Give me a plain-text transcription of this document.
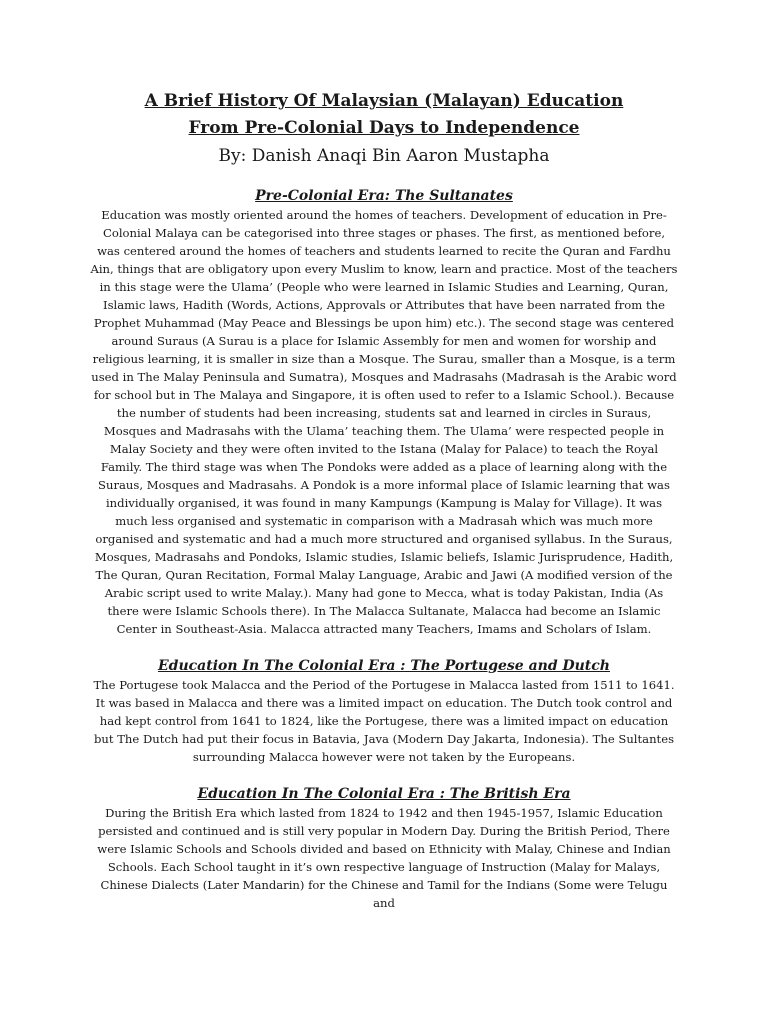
A Brief History Of Malaysian (Malayan) Education
From Pre-Colonial Days to Independence

By: Danish Anaqi Bin Aaron Mustapha

Pre-Colonial Era: The Sultanates

Education was mostly oriented around the homes of teachers. Development of education in Pre-Colonial Malaya can be categorised into three stages or phases. The first, as mentioned before, was centered around the homes of teachers and students learned to recite the Quran and Fardhu Ain, things that are obligatory upon every Muslim to know, learn and practice. Most of the teachers in this stage were the Ulama’ (People who were learned in Islamic Studies and Learning, Quran, Islamic laws, Hadith (Words, Actions, Approvals or Attributes that have been narrated from the Prophet Muhammad (May Peace and Blessings be upon him) etc.). The second stage was centered around Suraus (A Surau is a place for Islamic Assembly for men and women for worship and religious learning, it is smaller in size than a Mosque. The Surau, smaller than a Mosque, is a term used in The Malay Peninsula and Sumatra), Mosques and Madrasahs (Madrasah is the Arabic word for school but in The Malaya and Singapore, it is often used to refer to a Islamic School.). Because the number of students had been increasing, students sat and learned in circles in Suraus, Mosques and Madrasahs with the Ulama’ teaching them. The Ulama’ were respected people in Malay Society and they were often invited to the Istana (Malay for Palace) to teach the Royal Family. The third stage was when The Pondoks were added as a place of learning along with the Suraus, Mosques and Madrasahs. A Pondok is a more informal place of Islamic learning that was individually organised, it was found in many Kampungs (Kampung is Malay for Village). It was much less organised and systematic in comparison with a Madrasah which was much more organised and systematic and had a much more structured and organised syllabus. In the Suraus, Mosques, Madrasahs and Pondoks, Islamic studies, Islamic beliefs, Islamic Jurisprudence, Hadith, The Quran, Quran Recitation, Formal Malay Language, Arabic and Jawi (A modified version of the Arabic script used to write Malay.). Many had gone to Mecca, what is today Pakistan, India (As there were Islamic Schools there). In The Malacca Sultanate, Malacca had become an Islamic Center in Southeast-Asia. Malacca attracted many Teachers, Imams and Scholars of Islam.

Education In The Colonial Era : The Portugese and Dutch

The Portugese took Malacca and the Period of the Portugese in Malacca lasted from 1511 to 1641. It was based in Malacca and there was a limited impact on education. The Dutch took control and had kept control from 1641 to 1824, like the Portugese, there was a limited impact on education but The Dutch had put their focus in Batavia, Java (Modern Day Jakarta, Indonesia). The Sultantes surrounding Malacca however were not taken by the Europeans.

Education In The Colonial Era : The British Era

During the British Era which lasted from 1824 to 1942 and then 1945-1957, Islamic Education persisted and continued and is still very popular in Modern Day. During the British Period, There were Islamic Schools and Schools divided and based on Ethnicity with Malay, Chinese and Indian Schools. Each School taught in it’s own respective language of Instruction (Malay for Malays, Chinese Dialects (Later Mandarin) for the Chinese and Tamil for the Indians (Some were Telugu and
